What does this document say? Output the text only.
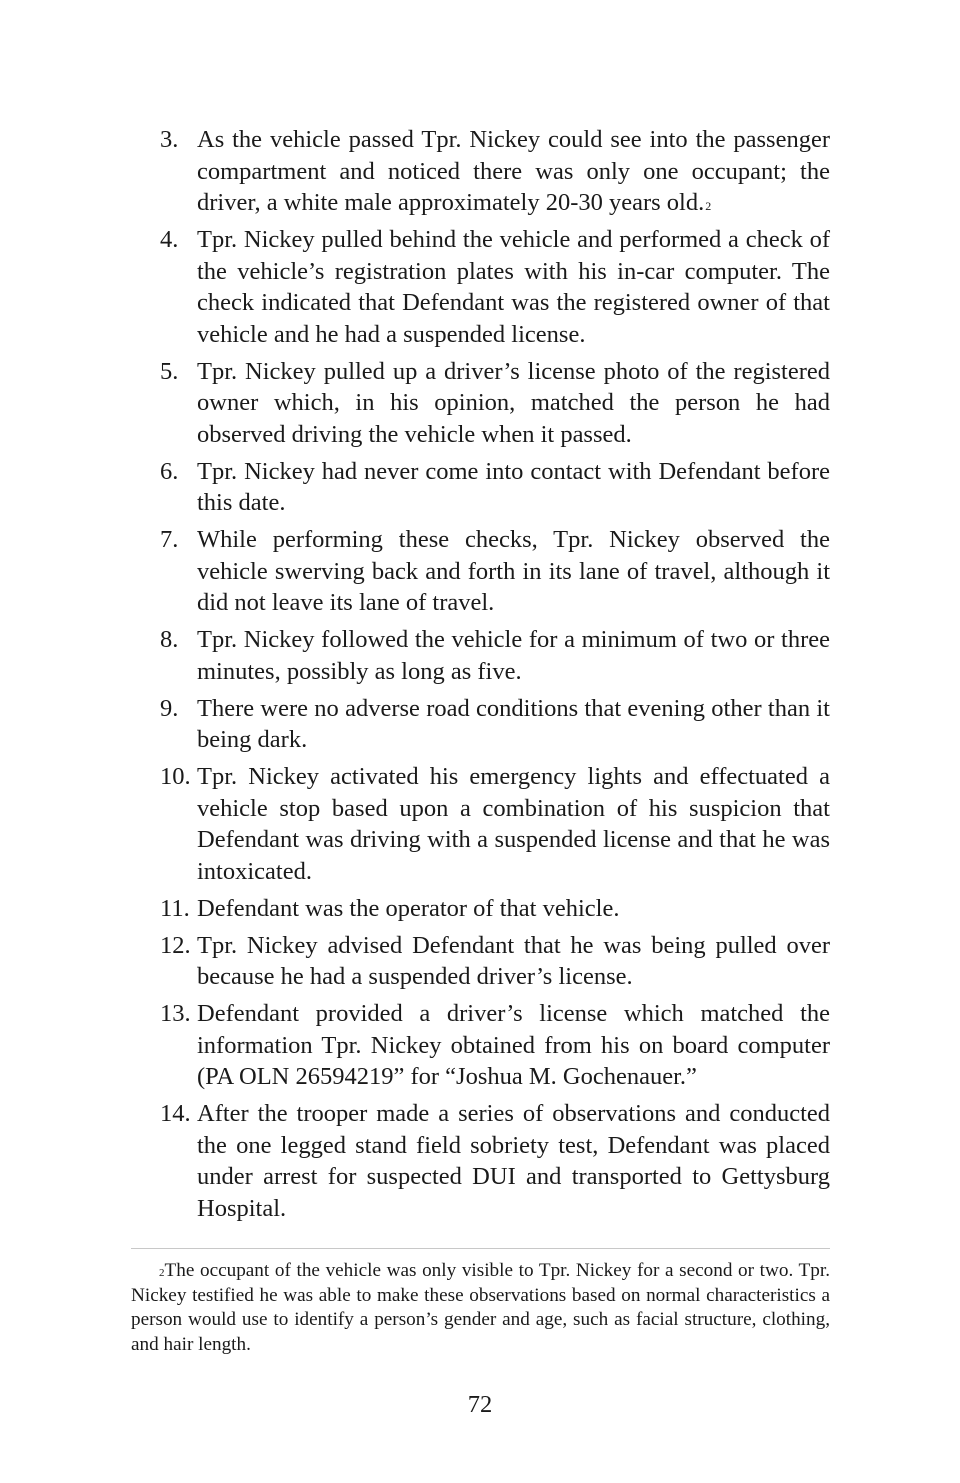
3. As the vehicle passed Tpr. Nickey could see into the passenger compartment and noticed there was only one occupant; the driver, a white male approximately 20-30 years old.$^2$
4. Tpr. Nickey pulled behind the vehicle and performed a check of the vehicle’s registration plates with his in-car computer. The check indicated that Defendant was the registered owner of that vehicle and he had a suspended license.
5. Tpr. Nickey pulled up a driver’s license photo of the registered owner which, in his opinion, matched the person he had observed driving the vehicle when it passed.
6. Tpr. Nickey had never come into contact with Defendant before this date.
7. While performing these checks, Tpr. Nickey observed the vehicle swerving back and forth in its lane of travel, although it did not leave its lane of travel.
8. Tpr. Nickey followed the vehicle for a minimum of two or three minutes, possibly as long as five.
9. There were no adverse road conditions that evening other than it being dark.
10. Tpr. Nickey activated his emergency lights and effectuated a vehicle stop based upon a combination of his suspicion that Defendant was driving with a suspended license and that he was intoxicated.
11. Defendant was the operator of that vehicle.
12. Tpr. Nickey advised Defendant that he was being pulled over because he had a suspended driver’s license.
13. Defendant provided a driver’s license which matched the information Tpr. Nickey obtained from his on board computer (PA OLN 26594219” for “Joshua M. Gochenauer.”
14. After the trooper made a series of observations and conducted the one legged stand field sobriety test, Defendant was placed under arrest for suspected DUI and transported to Gettysburg Hospital.

$^2$The occupant of the vehicle was only visible to Tpr. Nickey for a second or two. Tpr. Nickey testified he was able to make these observations based on normal characteristics a person would use to identify a person’s gender and age, such as facial structure, clothing, and hair length.

72
